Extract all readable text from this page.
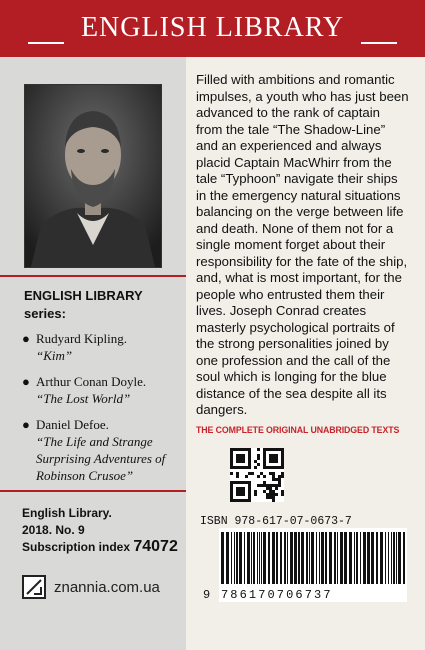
ENGLISH LIBRARY
ENGLISH LIBRARY
series:
● Rudyard Kipling.
“Kim”
● Arthur Conan Doyle.
“The Lost World”
● Daniel Defoe.
“The Life and Strange Surprising Adventures of Robinson Crusoe”
English Library.
2018. No. 9
Subscription index 74072
znannia.com.ua

Filled with ambitions and romantic impulses, a youth who has just been advanced to the rank of captain from the tale “The Shadow-Line” and an experienced and always placid Captain MacWhirr from the tale “Typhoon” navigate their ships in the emergency natural situations balancing on the verge between life and death. None of them not for a single moment forget about their responsibility for the fate of the ship, and, what is most important, for the people who entrusted them their lives. Joseph Conrad creates masterly psychological portraits of the strong personalities joined by one profession and the call of the soul which is longing for the blue distance of the sea despite all its dangers.

THE COMPLETE ORIGINAL UNABRIDGED TEXTS
ISBN 978-617-07-0673-7
9 786170706737
